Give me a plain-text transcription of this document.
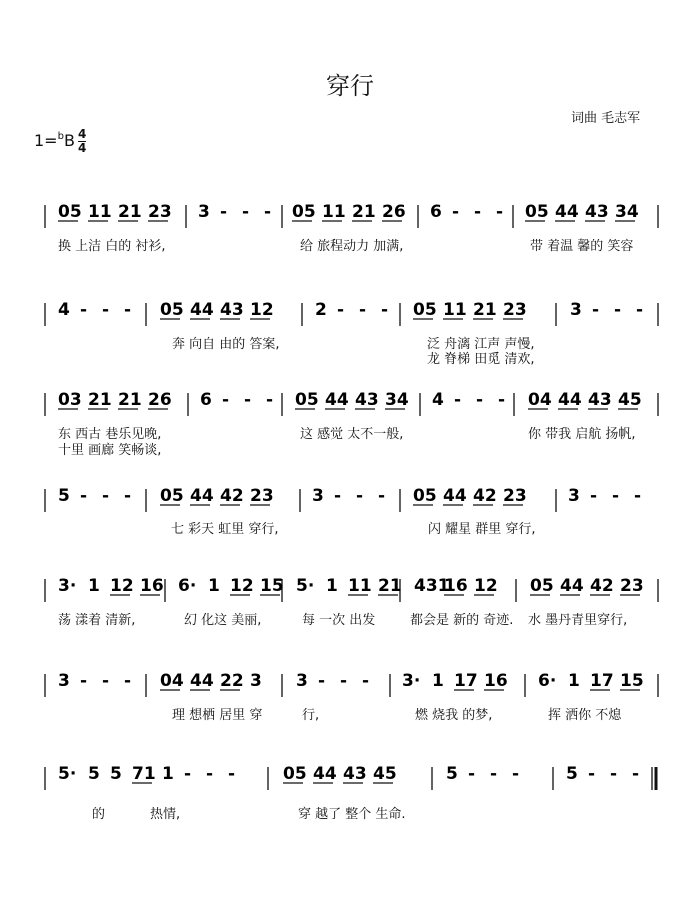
穿行
词曲 毛志军
$1=^bB \frac{4}{4}$
05 11 21 23 3 - - - 05 11 21 26 6 - - - 05 44 43 34
换 上洁 白的 衬衫,	给 旅程动力 加满,	带 着温 馨的 笑容
4 - - - 05 44 43 12 2 - - - 05 11 21 23	3 - - -
奔 向自 由的 答案,	泛 舟漓 江声 声慢,
龙 脊梯 田觅 清欢,
03 21 21 26 6 - - - 05 44 43 34 4 - - - 04 44 43 45
东 西古 巷乐见晚,	这 感觉 太不一般,	你 带我 启航 扬帆,
十里 画廊 笑畅谈,
5 - - - 05 44 42 23 3 - - - 05 44 42 23 3 - - -
七 彩天 虹里 穿行,	闪 耀星 群里 穿行,
3· 1 12 16 6· 1 12 15 5· 1 11 21 431
16 12 05 44 42 23
荡 漾着 清新,	幻 化这 美丽,	每 一次 出发	都会是 新的 奇迹. 水 墨丹青里穿行,
3 - - - 04 44 22 3 3 - - - 3· 1 17 16 6· 1 17 15
理 想栖 居里 穿	行,	燃 烧我 的梦,	挥 洒你 不熄
5· 5 5 71 1 - - -	05 44 43 45	5 - - -	5 - - -
的	热情,	穿 越了 整个 生命.
